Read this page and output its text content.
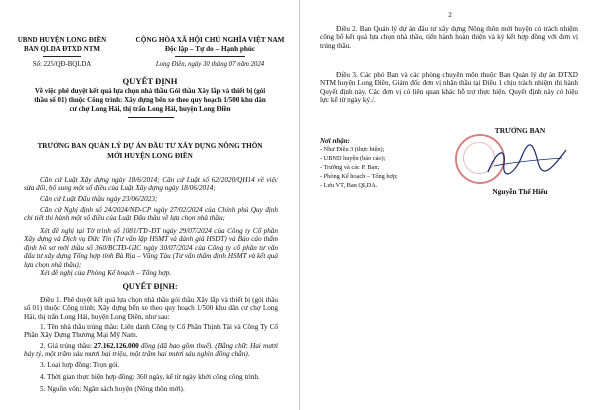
UBND HUYỆN LONG ĐIỀN
BAN QLDA ĐTXD NTM
CỘNG HÒA XÃ HỘI CHỦ NGHĨA VIỆT NAM
Độc lập – Tự do – Hạnh phúc
Số: 225/QĐ-BQLDA	Long Điền, ngày 30 tháng 07 năm 2024
QUYẾT ĐỊNH
Về việc phê duyệt kết quả lựa chọn nhà thầu Gói thầu Xây lắp và thiết bị (gói
thầu số 01) thuộc Công trình: Xây dựng bến xe theo quy hoạch 1/500 khu dân
cư chợ Long Hải, thị trấn Long Hải, huyện Long Điền
TRƯỞNG BAN QUẢN LÝ DỰ ÁN ĐẦU TƯ XÂY DỰNG NÔNG THÔN
MỚI HUYỆN LONG ĐIỀN
Căn cứ Luật Xây dựng ngày 18/6/2014; Căn cứ Luật số 62/2020/QH14 về việc sửa đổi, bổ sung một số điều của Luật Xây dựng ngày 18/06/2014;
Căn cứ Luật Đấu thầu ngày 23/06/2023;
Căn cứ Nghị định số 24/2024/NĐ-CP ngày 27/02/2024 của Chính phủ Quy định chi tiết thi hành một số điều của Luật Đấu thầu về lựa chọn nhà thầu;
Xét đề nghị tại Tờ trình số 1081/TTr-ĐT ngày 29/07/2024 của Công ty Cổ phần Xây dựng và Dịch vụ Đức Tín (Tư vấn lập HSMT và đánh giá HSDT) và Báo cáo thẩm định hồ sơ mời thầu số 360/BCTĐ-GIC ngày 30/07/2024 của Công ty cổ phần tư vấn đấu tư xây dựng Tổng hợp tỉnh Bà Rịa – Vũng Tàu (Tư vấn thẩm định HSMT và kết quả lựa chọn nhà thầu);
Xét đề nghị của Phòng Kế hoạch – Tổng hợp.
QUYẾT ĐỊNH:
Điều 1. Phê duyệt kết quả lựa chọn nhà thầu gói thầu Xây lắp và thiết bị (gói thầu số 01) thuộc Công trình: Xây dựng bến xe theo quy hoạch 1/500 khu dân cư chợ Long Hải, thị trấn Long Hải, huyện Long Điền, như sau:
1. Tên nhà thầu trúng thầu: Liên danh Công ty Cổ Phần Thịnh Tài và Công Ty Cổ Phần Xây Dựng Thương Mại Mỹ Nam.
2. Giá trúng thầu: 27.162.126.000 đồng (đã bao gồm thuế). (Bằng chữ: Hai mươi bảy tỷ, một trăm sáu mươi hai triệu, một trăm hai mươi sáu nghìn đồng chẵn).
3. Loại hợp đồng: Trọn gói.
4. Thời gian thực hiện hợp đồng: 360 ngày, kể từ ngày khởi công công trình.
5. Nguồn vốn: Ngân sách huyện (Nông thôn mới).
2
Điều 2. Ban Quản lý dự án đầu tư xây dựng Nông thôn mới huyện có trách nhiệm công bố kết quả lựa chọn nhà thầu, tiến hành hoàn thiện và ký kết hợp đồng với đơn vị trúng thầu.
Điều 3. Các phó Ban và các phòng chuyên môn thuộc Ban Quản lý dự án ĐTXD NTM huyện Long Điền, Giám đốc đơn vị nhận thầu tại Điều 1 chịu trách nhiệm thi hành Quyết định này. Các đơn vị có liên quan khác hỗ trợ thực hiện. Quyết định này có hiệu lực kể từ ngày ký./.
Nơi nhận:
- Như Điều 3 (thực hiện);
- UBND huyện (báo cáo);
- Trưởng và các P. Ban;
- Phòng Kế hoạch – Tổng hợp;
- Lưu VT, Ban QLDA.
TRƯỞNG BAN
Nguyễn Thế Hiếu
